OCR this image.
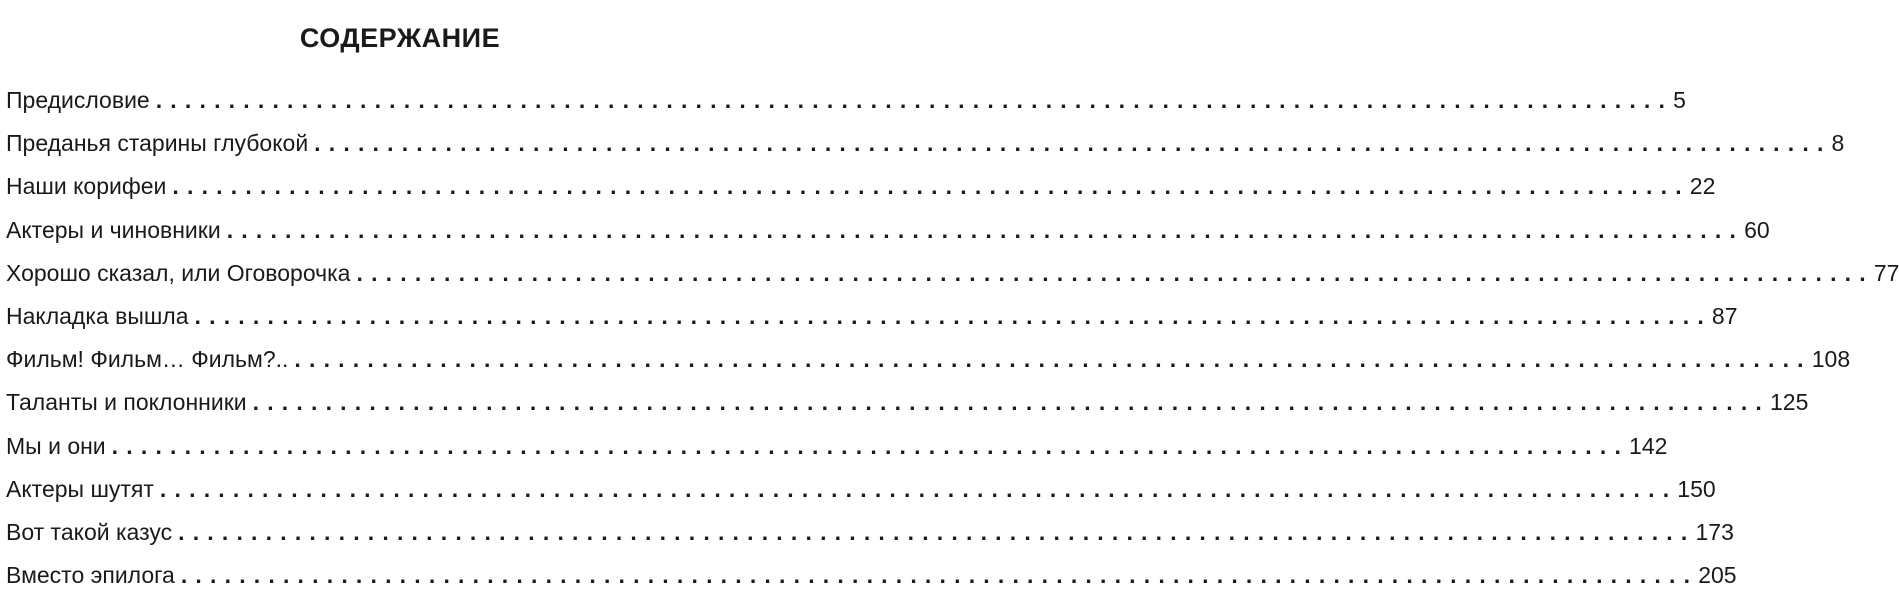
СОДЕРЖАНИЕ
Предисловие ........................................................................................................ 5
Преданья старины глубокой ........................................................................................................ 8
Наши корифеи ........................................................................................................ 22
Актеры и чиновники ........................................................................................................ 60
Хорошо сказал, или Оговорочка ........................................................................................................ 77
Накладка вышла ........................................................................................................ 87
Фильм! Фильм… Фильм?.. ........................................................................................................ 108
Таланты и поклонники ........................................................................................................ 125
Мы и они ........................................................................................................ 142
Актеры шутят ........................................................................................................ 150
Вот такой казус ........................................................................................................ 173
Вместо эпилога ........................................................................................................ 205
